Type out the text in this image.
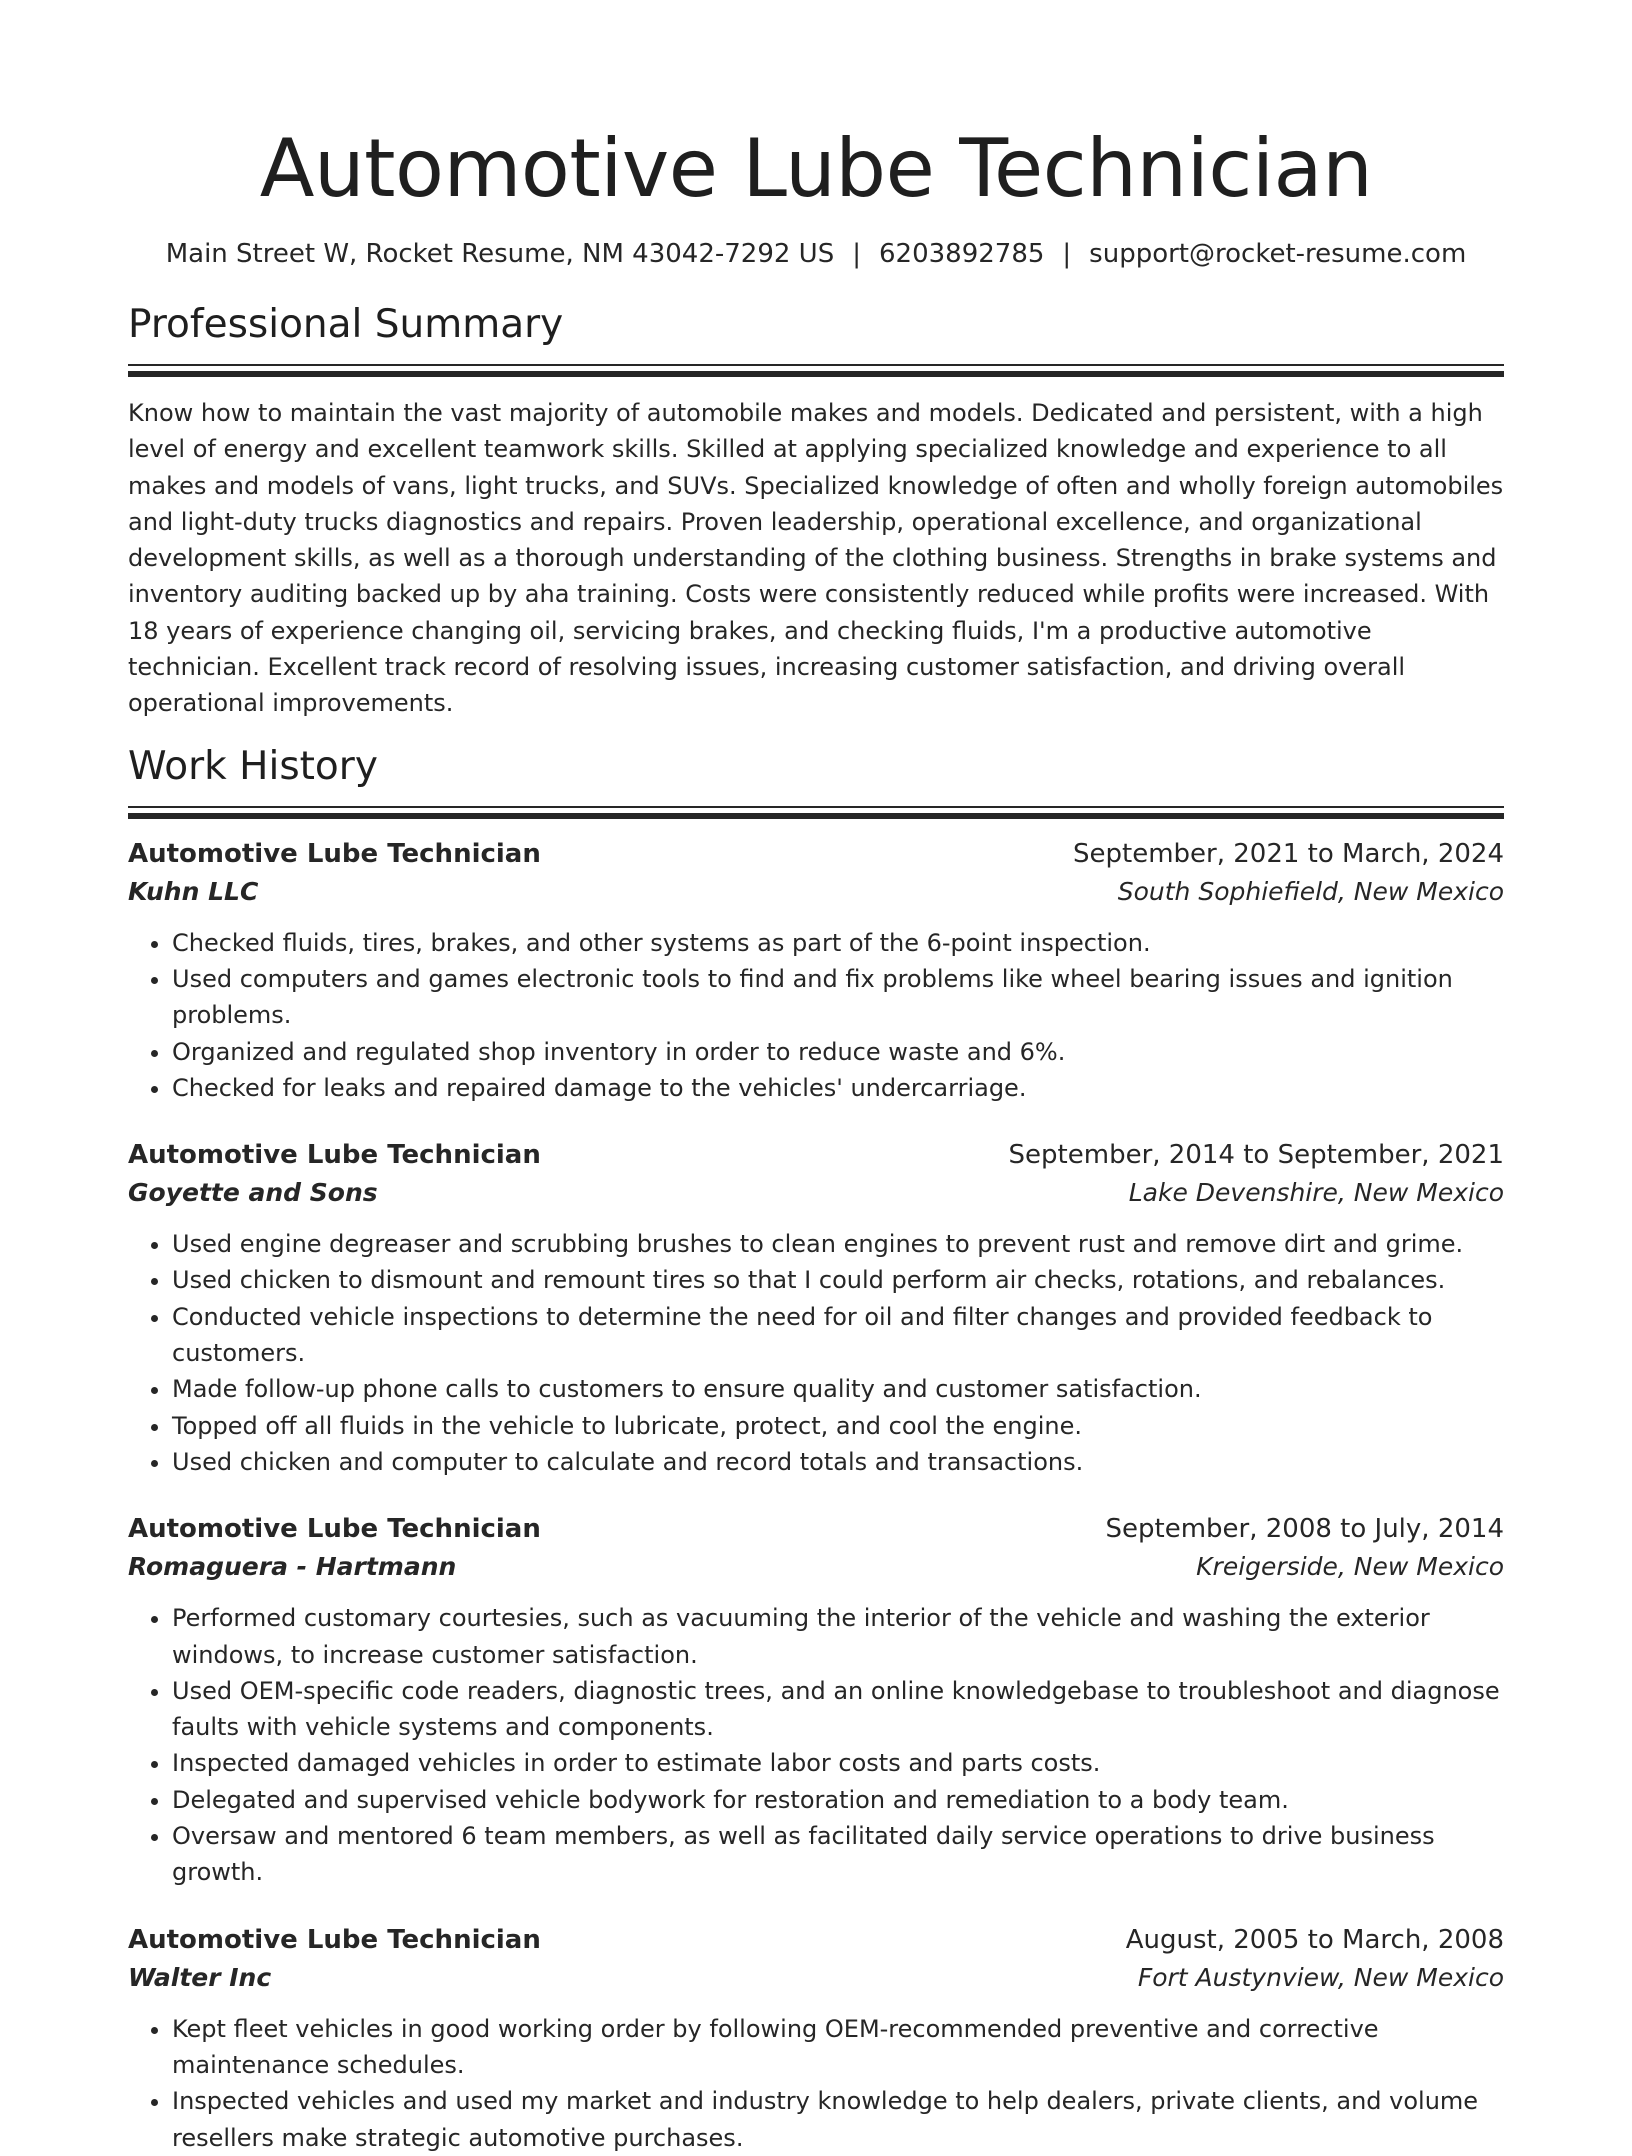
Automotive Lube Technician
Main Street W, Rocket Resume, NM 43042-7292 US | 6203892785 | support@rocket-resume.com
Professional Summary

Know how to maintain the vast majority of automobile makes and models. Dedicated and persistent, with a high level of energy and excellent teamwork skills. Skilled at applying specialized knowledge and experience to all makes and models of vans, light trucks, and SUVs. Specialized knowledge of often and wholly foreign automobiles and light-duty trucks diagnostics and repairs. Proven leadership, operational excellence, and organizational development skills, as well as a thorough understanding of the clothing business. Strengths in brake systems and inventory auditing backed up by aha training. Costs were consistently reduced while profits were increased. With 18 years of experience changing oil, servicing brakes, and checking fluids, I'm a productive automotive technician. Excellent track record of resolving issues, increasing customer satisfaction, and driving overall operational improvements.

Work History
Automotive Lube Technician	September, 2021 to March, 2024
Kuhn LLC	South Sophiefield, New Mexico
• Checked fluids, tires, brakes, and other systems as part of the 6-point inspection.
• Used computers and games electronic tools to find and fix problems like wheel bearing issues and ignition problems.
• Organized and regulated shop inventory in order to reduce waste and 6%.
• Checked for leaks and repaired damage to the vehicles' undercarriage.
Automotive Lube Technician	September, 2014 to September, 2021
Goyette and Sons	Lake Devenshire, New Mexico
• Used engine degreaser and scrubbing brushes to clean engines to prevent rust and remove dirt and grime.
• Used chicken to dismount and remount tires so that I could perform air checks, rotations, and rebalances.
• Conducted vehicle inspections to determine the need for oil and filter changes and provided feedback to customers.
• Made follow-up phone calls to customers to ensure quality and customer satisfaction.
• Topped off all fluids in the vehicle to lubricate, protect, and cool the engine.
• Used chicken and computer to calculate and record totals and transactions.
Automotive Lube Technician	September, 2008 to July, 2014
Romaguera - Hartmann	Kreigerside, New Mexico
• Performed customary courtesies, such as vacuuming the interior of the vehicle and washing the exterior windows, to increase customer satisfaction.
• Used OEM-specific code readers, diagnostic trees, and an online knowledgebase to troubleshoot and diagnose faults with vehicle systems and components.
• Inspected damaged vehicles in order to estimate labor costs and parts costs.
• Delegated and supervised vehicle bodywork for restoration and remediation to a body team.
• Oversaw and mentored 6 team members, as well as facilitated daily service operations to drive business growth.
Automotive Lube Technician	August, 2005 to March, 2008
Walter Inc	Fort Austynview, New Mexico
• Kept fleet vehicles in good working order by following OEM-recommended preventive and corrective maintenance schedules.
• Inspected vehicles and used my market and industry knowledge to help dealers, private clients, and volume resellers make strategic automotive purchases.
